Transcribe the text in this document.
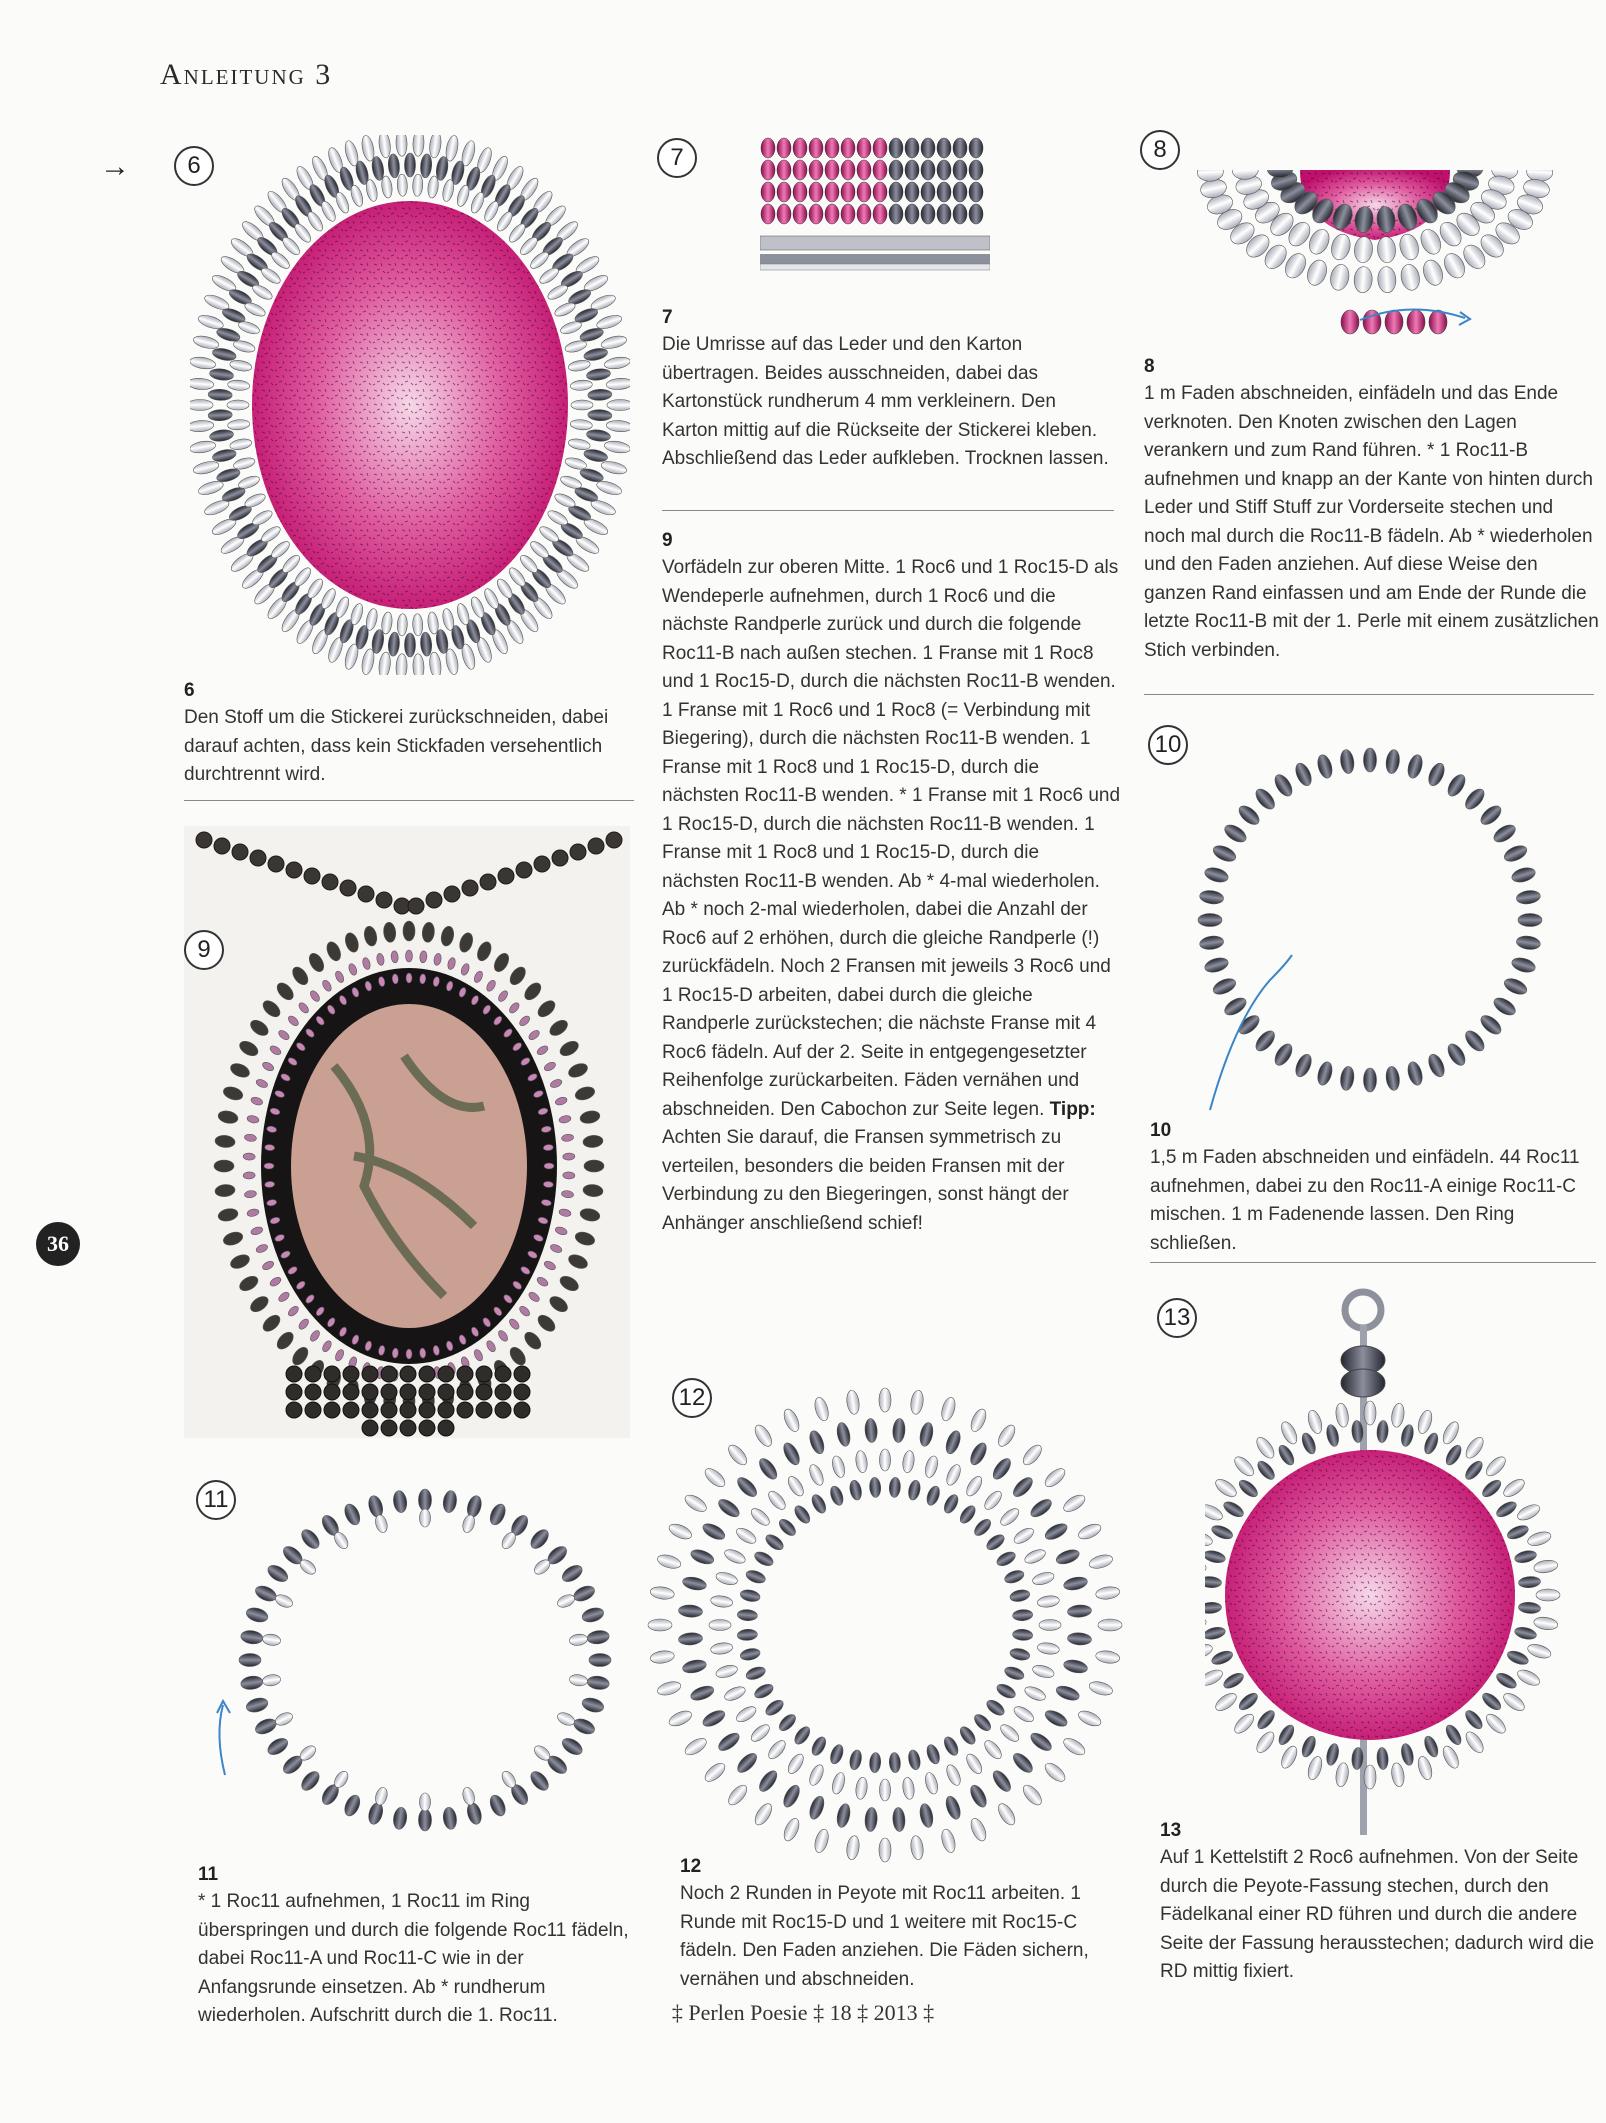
Anleitung 3
→
36
6
6
Den Stoff um die Stickerei zurückschneiden, dabei darauf achten, dass kein Stickfaden versehentlich durchtrennt wird.
9
11
11
* 1 Roc11 aufnehmen, 1 Roc11 im Ring überspringen und durch die folgende Roc11 fädeln, dabei Roc11-A und Roc11-C wie in der Anfangsrunde einsetzen. Ab * rundherum wiederholen. Aufschritt durch die 1. Roc11.
7
7
Die Umrisse auf das Leder und den Karton übertragen. Beides ausschneiden, dabei das Kartonstück rundherum 4 mm verkleinern. Den Karton mittig auf die Rückseite der Stickerei kleben. Abschließend das Leder aufkleben. Trocknen lassen.
9
Vorfädeln zur oberen Mitte. 1 Roc6 und 1 Roc15-D als Wendeperle aufnehmen, durch 1 Roc6 und die nächste Randperle zurück und durch die folgende Roc11-B nach außen stechen. 1 Franse mit 1 Roc8 und 1 Roc15-D, durch die nächsten Roc11-B wenden. 1 Franse mit 1 Roc6 und 1 Roc8 (= Verbindung mit Biegering), durch die nächsten Roc11-B wenden. 1 Franse mit 1 Roc8 und 1 Roc15-D, durch die nächsten Roc11-B wenden. * 1 Franse mit 1 Roc6 und 1 Roc15-D, durch die nächsten Roc11-B wenden. 1 Franse mit 1 Roc8 und 1 Roc15-D, durch die nächsten Roc11-B wenden. Ab * 4-mal wiederholen. Ab * noch 2-mal wiederholen, dabei die Anzahl der Roc6 auf 2 erhöhen, durch die gleiche Randperle (!) zurückfädeln. Noch 2 Fransen mit jeweils 3 Roc6 und 1 Roc15-D arbeiten, dabei durch die gleiche Randperle zurückstechen; die nächste Franse mit 4 Roc6 fädeln. Auf der 2. Seite in entgegengesetzter Reihenfolge zurückarbeiten. Fäden vernähen und abschneiden. Den Cabochon zur Seite legen. Tipp: Achten Sie darauf, die Fransen symmetrisch zu verteilen, besonders die beiden Fransen mit der Verbindung zu den Biegeringen, sonst hängt der Anhänger anschließend schief!
12
12
Noch 2 Runden in Peyote mit Roc11 arbeiten. 1 Runde mit Roc15-D und 1 weitere mit Roc15-C fädeln. Den Faden anziehen. Die Fäden sichern, vernähen und abschneiden.
8
8
1 m Faden abschneiden, einfädeln und das Ende verknoten. Den Knoten zwischen den Lagen verankern und zum Rand führen. * 1 Roc11-B aufnehmen und knapp an der Kante von hinten durch Leder und Stiff Stuff zur Vorderseite stechen und noch mal durch die Roc11-B fädeln. Ab * wiederholen und den Faden anziehen. Auf diese Weise den ganzen Rand einfassen und am Ende der Runde die letzte Roc11-B mit der 1. Perle mit einem zusätzlichen Stich verbinden.
10
10
1,5 m Faden abschneiden und einfädeln. 44 Roc11 aufnehmen, dabei zu den Roc11-A einige Roc11-C mischen. 1 m Fadenende lassen. Den Ring schließen.
13
13
Auf 1 Kettelstift 2 Roc6 aufnehmen. Von der Seite durch die Peyote-Fassung stechen, durch den Fädelkanal einer RD führen und durch die andere Seite der Fassung herausstechen; dadurch wird die RD mittig fixiert.
‡ Perlen Poesie ‡ 18 ‡ 2013 ‡
